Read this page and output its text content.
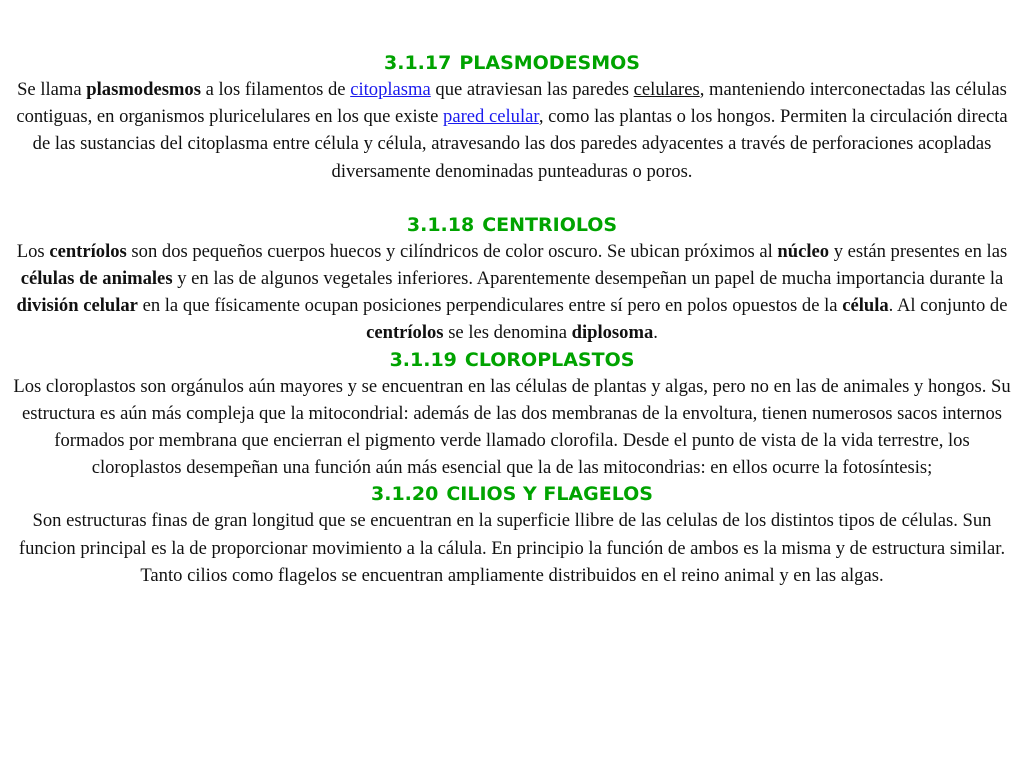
3.1.17 PLASMODESMOS

Se llama plasmodesmos a los filamentos de citoplasma que atraviesan las paredes celulares, manteniendo interconectadas las células contiguas, en organismos pluricelulares en los que existe pared celular, como las plantas o los hongos. Permiten la circulación directa de las sustancias del citoplasma entre célula y célula, atravesando las dos paredes adyacentes a través de perforaciones acopladas diversamente denominadas punteaduras o poros.

3.1.18 CENTRIOLOS

Los centríolos son dos pequeños cuerpos huecos y cilíndricos de color oscuro. Se ubican próximos al núcleo y están presentes en las células de animales y en las de algunos vegetales inferiores. Aparentemente desempeñan un papel de mucha importancia durante la división celular en la que físicamente ocupan posiciones perpendiculares entre sí pero en polos opuestos de la célula. Al conjunto de centríolos se les denomina diplosoma.

3.1.19 CLOROPLASTOS

Los cloroplastos son orgánulos aún mayores y se encuentran en las células de plantas y algas, pero no en las de animales y hongos. Su estructura es aún más compleja que la mitocondrial: además de las dos membranas de la envoltura, tienen numerosos sacos internos formados por membrana que encierran el pigmento verde llamado clorofila. Desde el punto de vista de la vida terrestre, los cloroplastos desempeñan una función aún más esencial que la de las mitocondrias: en ellos ocurre la fotosíntesis;

3.1.20 CILIOS Y FLAGELOS

Son estructuras finas de gran longitud que se encuentran en la superficie llibre de las celulas de los distintos tipos de células. Sun funcion principal es la de proporcionar movimiento a la cálula. En principio la función de ambos es la misma y de estructura similar.

Tanto cilios como flagelos se encuentran ampliamente distribuidos en el reino animal y en las algas.
